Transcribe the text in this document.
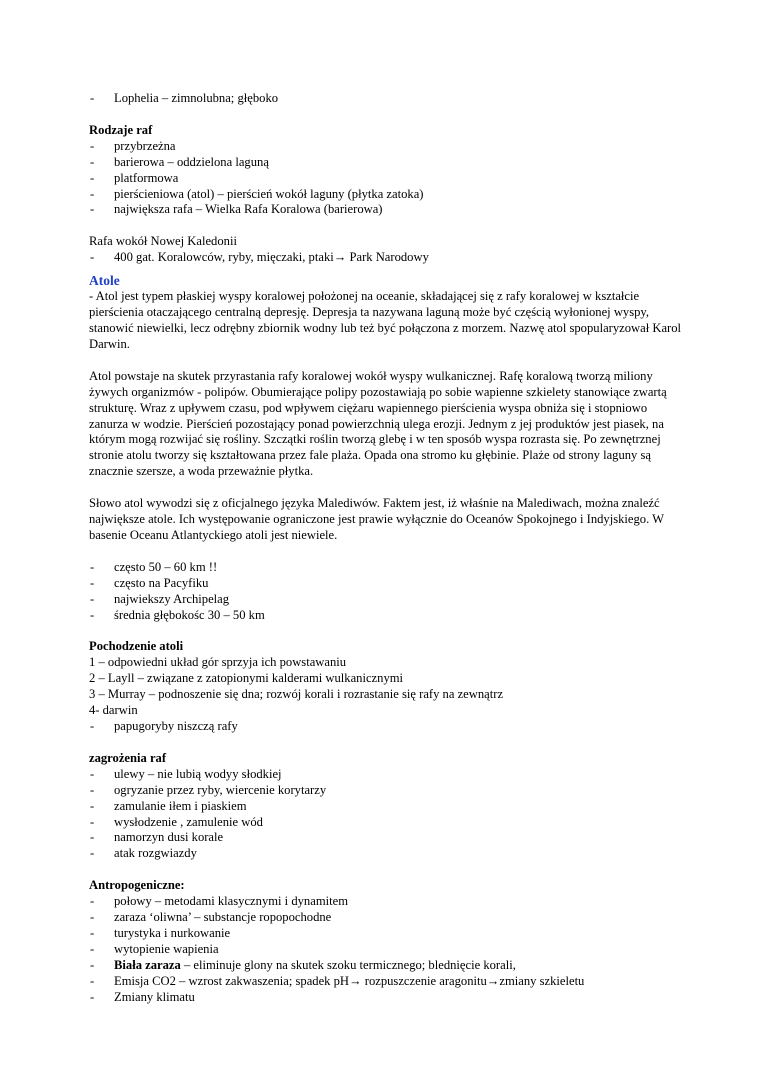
- Lophelia – zimnolubna; głęboko
Rodzaje raf
- przybrzeżna
- barierowa – oddzielona laguną
- platformowa
- pierścieniowa (atol) – pierścień wokół laguny (płytka zatoka)
- największa rafa – Wielka Rafa Koralowa (barierowa)
Rafa wokół Nowej Kaledonii
- 400 gat. Koralowców, ryby, mięczaki, ptaki→ Park Narodowy
Atole
- Atol jest typem płaskiej wyspy koralowej położonej na oceanie, składającej się z rafy koralowej w kształcie pierścienia otaczającego centralną depresję. Depresja ta nazywana laguną może być częścią wyłonionej wyspy, stanowić niewielki, lecz odrębny zbiornik wodny lub też być połączona z morzem. Nazwę atol spopularyzował Karol Darwin.
Atol powstaje na skutek przyrastania rafy koralowej wokół wyspy wulkanicznej. Rafę koralową tworzą miliony żywych organizmów - polipów. Obumierające polipy pozostawiają po sobie wapienne szkielety stanowiące zwartą strukturę. Wraz z upływem czasu, pod wpływem ciężaru wapiennego pierścienia wyspa obniża się i stopniowo zanurza w wodzie. Pierścień pozostający ponad powierzchnią ulega erozji. Jednym z jej produktów jest piasek, na którym mogą rozwijać się rośliny. Szczątki roślin tworzą glebę i w ten sposób wyspa rozrasta się. Po zewnętrznej stronie atolu tworzy się kształtowana przez fale plaża. Opada ona stromo ku głębinie. Plaże od strony laguny są znacznie szersze, a woda przeważnie płytka.
Słowo atol wywodzi się z oficjalnego języka Malediwów. Faktem jest, iż właśnie na Malediwach, można znaleźć największe atole. Ich występowanie ograniczone jest prawie wyłącznie do Oceanów Spokojnego i Indyjskiego. W basenie Oceanu Atlantyckiego atoli jest niewiele.
- często 50 – 60 km !!
- często na Pacyfiku
- najwiekszy Archipelag
- średnia głębokośc 30 – 50 km
Pochodzenie atoli
1 – odpowiedni układ gór sprzyja ich powstawaniu
2 – Layll – związane z zatopionymi kalderami wulkanicznymi
3 – Murray – podnoszenie się dna; rozwój korali i rozrastanie się rafy na zewnątrz
4- darwin
- papugoryby niszczą rafy
zagrożenia raf
- ulewy – nie lubią wodyy słodkiej
- ogryzanie przez ryby, wiercenie korytarzy
- zamulanie iłem i piaskiem
- wysłodzenie , zamulenie wód
- namorzyn dusi korale
- atak rozgwiazdy
Antropogeniczne:
- połowy – metodami klasycznymi i dynamitem
- zaraza ‘oliwna’ – substancje ropopochodne
- turystyka i nurkowanie
- wytopienie wapienia
- Biała zaraza – eliminuje glony na skutek szoku termicznego; blednięcie korali,
- Emisja CO2 – wzrost zakwaszenia; spadek pH→ rozpuszczenie aragonitu→zmiany szkieletu
- Zmiany klimatu
